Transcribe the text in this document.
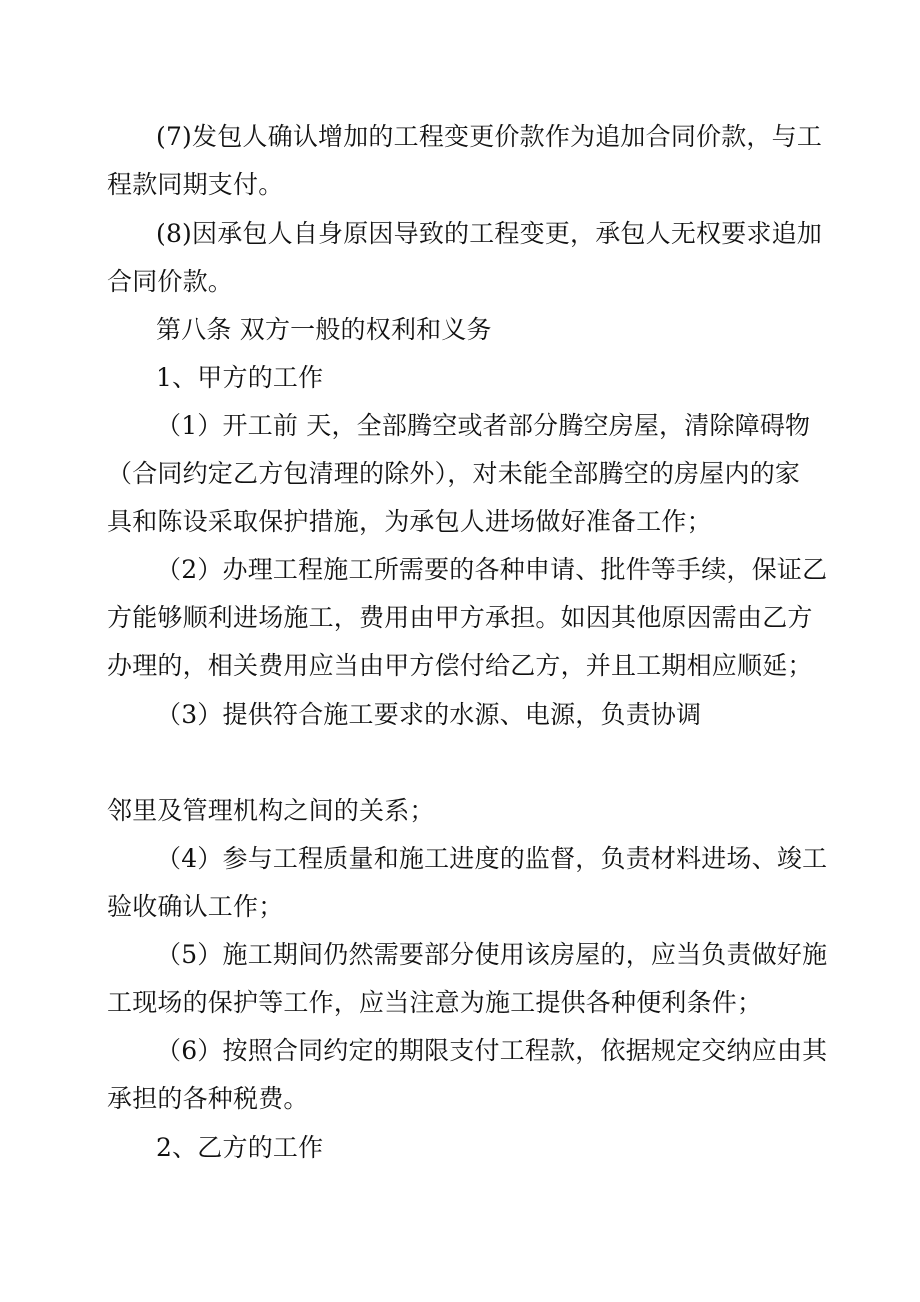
(7)发包人确认增加的工程变更价款作为追加合同价款，与工
程款同期支付。
(8)因承包人自身原因导致的工程变更，承包人无权要求追加
合同价款。
第八条 双方一般的权利和义务
1、甲方的工作
（1）开工前 天，全部腾空或者部分腾空房屋，清除障碍物
（合同约定乙方包清理的除外），对未能全部腾空的房屋内的家
具和陈设采取保护措施，为承包人进场做好准备工作；
（2）办理工程施工所需要的各种申请、批件等手续，保证乙
方能够顺利进场施工，费用由甲方承担。如因其他原因需由乙方
办理的，相关费用应当由甲方偿付给乙方，并且工期相应顺延；
（3）提供符合施工要求的水源、电源，负责协调
邻里及管理机构之间的关系；
（4）参与工程质量和施工进度的监督，负责材料进场、竣工
验收确认工作；
（5）施工期间仍然需要部分使用该房屋的，应当负责做好施
工现场的保护等工作，应当注意为施工提供各种便利条件；
（6）按照合同约定的期限支付工程款，依据规定交纳应由其
承担的各种税费。
2、乙方的工作
